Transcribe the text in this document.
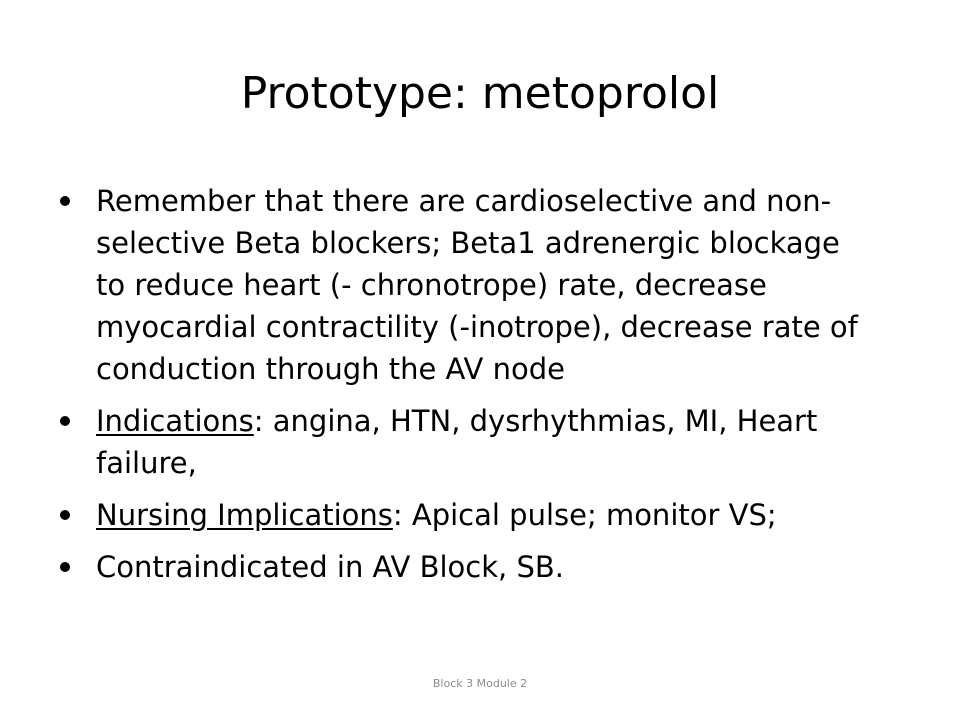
Prototype: metoprolol
Remember that there are cardioselective and non-selective Beta blockers; Beta1 adrenergic blockage to reduce heart (- chronotrope) rate, decrease myocardial contractility (-inotrope), decrease rate of conduction through the AV node
Indications: angina, HTN, dysrhythmias, MI, Heart failure,
Nursing Implications: Apical pulse; monitor VS;
Contraindicated in AV Block, SB.
Block 3 Module 2
